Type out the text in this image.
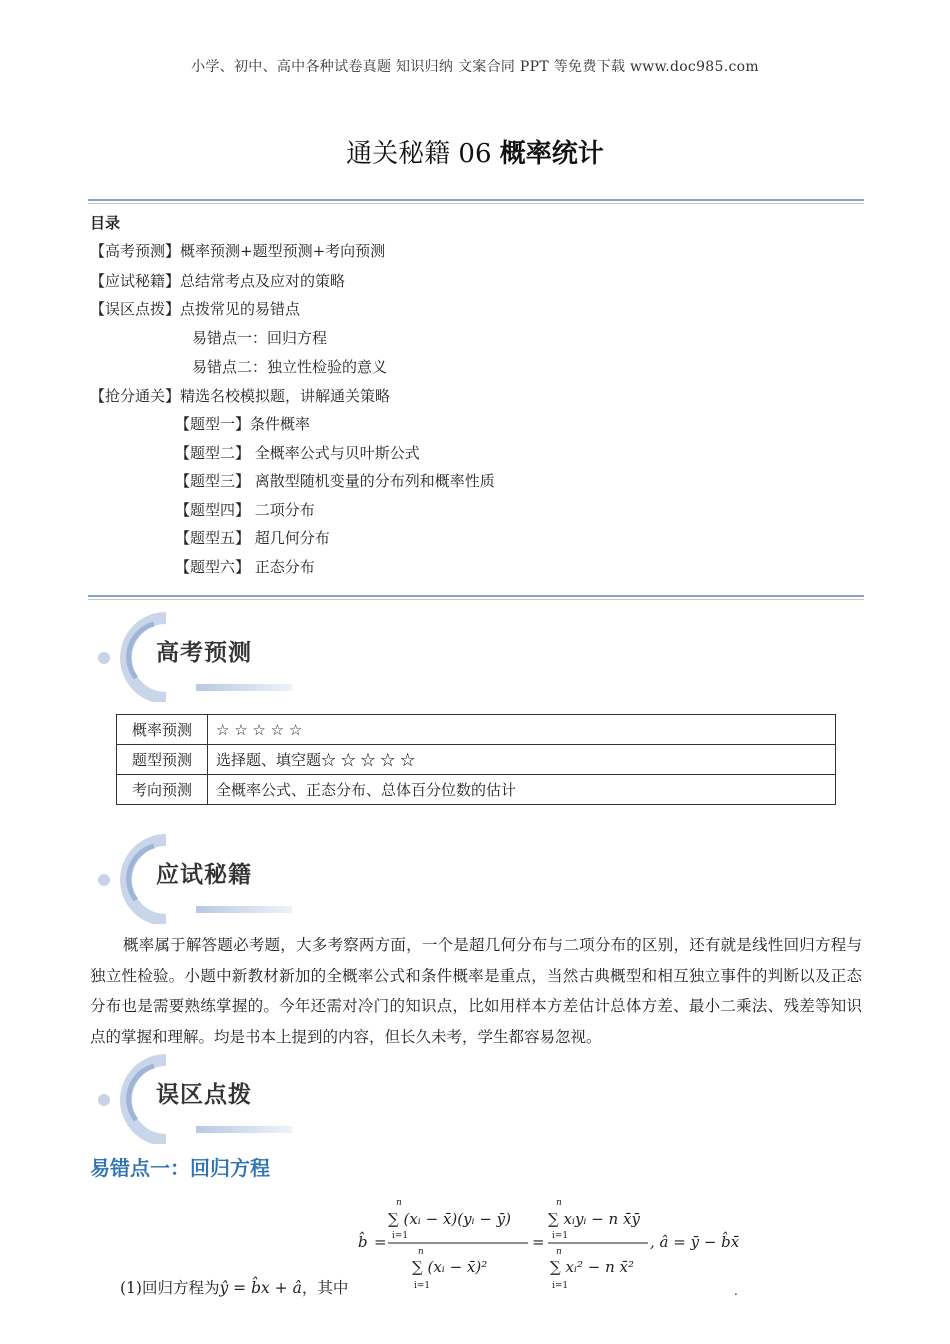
小学、初中、高中各种试卷真题 知识归纳 文案合同 PPT 等免费下载 www.doc985.com
通关秘籍 06 概率统计
目录
【高考预测】概率预测+题型预测+考向预测
【应试秘籍】总结常考点及应对的策略
【误区点拨】点拨常见的易错点
易错点一：回归方程
易错点二：独立性检验的意义
【抢分通关】精选名校模拟题，讲解通关策略
【题型一】条件概率
【题型二】 全概率公式与贝叶斯公式
【题型三】 离散型随机变量的分布列和概率性质
【题型四】 二项分布
【题型五】 超几何分布
【题型六】 正态分布
高考预测
概率预测	☆ ☆ ☆ ☆ ☆
题型预测	选择题、填空题☆ ☆ ☆ ☆ ☆
考向预测	全概率公式、正态分布、总体百分位数的估计
应试秘籍
概率属于解答题必考题，大多考察两方面，一个是超几何分布与二项分布的区别，还有就是线性回归方程与独立性检验。小题中新教材新加的全概率公式和条件概率是重点，当然古典概型和相互独立事件的判断以及正态分布也是需要熟练掌握的。今年还需对冷门的知识点，比如用样本方差估计总体方差、最小二乘法、残差等知识点的掌握和理解。均是书本上提到的内容，但长久未考，学生都容易忽视。
误区点拨
易错点一：回归方程
b̂ =
n
∑ (xᵢ − x̄)(yᵢ − ȳ)
i=1
n
∑ (xᵢ − x̄)²
i=1
=
n
∑ xᵢyᵢ − n x̄ȳ
i=1
n
∑ xᵢ² − n x̄²
i=1
, â = ȳ − b̂x̄
(1)回归方程为ŷ = b̂x + â，其中	.
